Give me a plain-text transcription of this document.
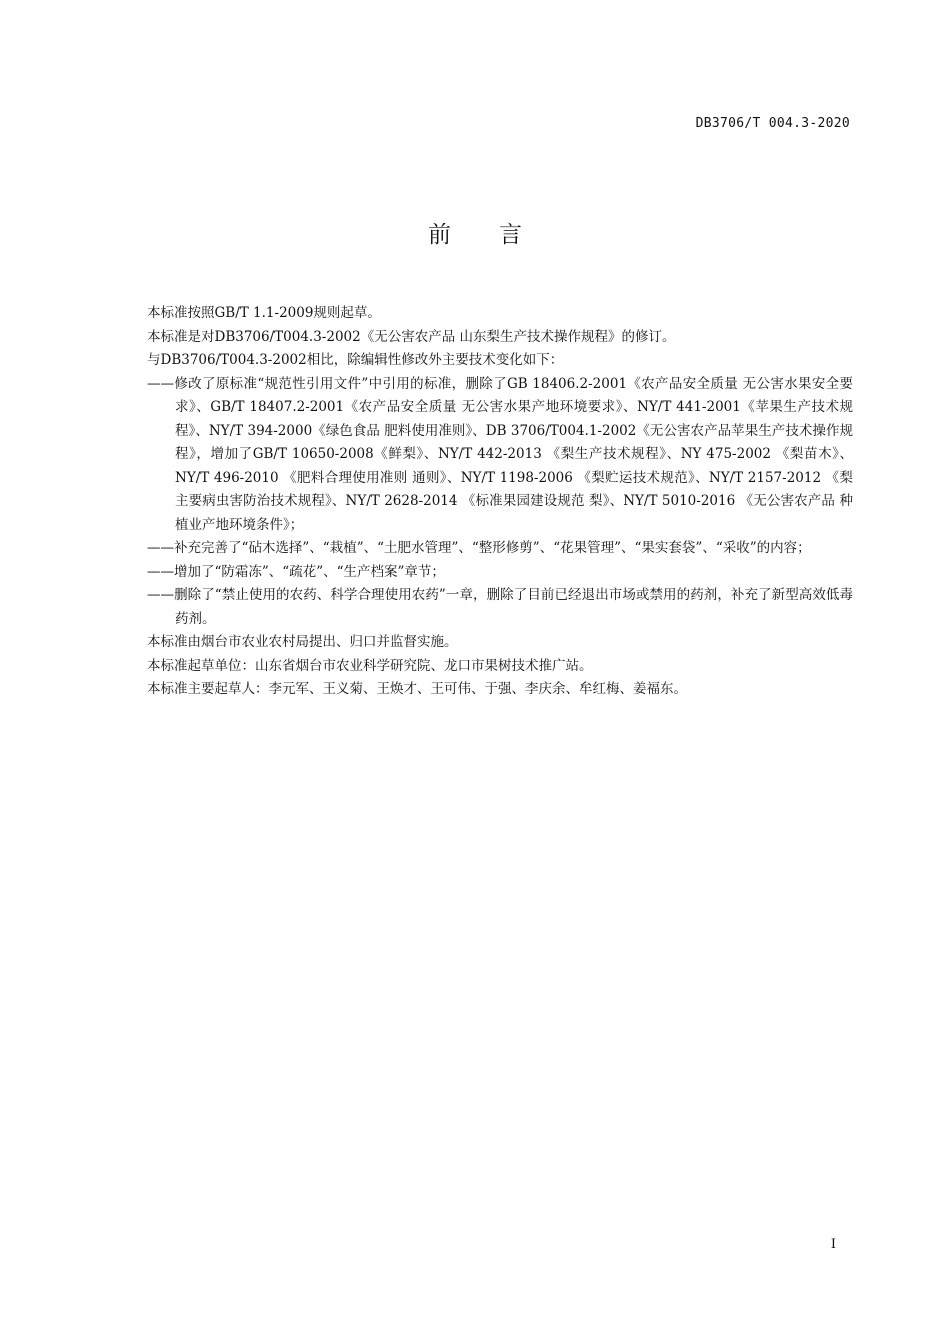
DB3706/T 004.3-2020
前言

本标准按照GB/T 1.1-2009规则起草。

本标准是对DB3706/T004.3-2002《无公害农产品 山东梨生产技术操作规程》的修订。

与DB3706/T004.3-2002相比，除编辑性修改外主要技术变化如下：

——修改了原标准“规范性引用文件”中引用的标准，删除了GB 18406.2-2001《农产品安全质量 无公害水果安全要求》、GB/T 18407.2-2001《农产品安全质量 无公害水果产地环境要求》、NY/T 441-2001《苹果生产技术规程》、NY/T 394-2000《绿色食品 肥料使用准则》、DB 3706/T004.1-2002《无公害农产品苹果生产技术操作规程》，增加了GB/T 10650-2008《鲜梨》、NY/T 442-2013 《梨生产技术规程》、NY 475-2002 《梨苗木》、NY/T 496-2010 《肥料合理使用准则 通则》、NY/T 1198-2006 《梨贮运技术规范》、NY/T 2157-2012 《梨主要病虫害防治技术规程》、NY/T 2628-2014 《标准果园建设规范 梨》、NY/T 5010-2016 《无公害农产品 种植业产地环境条件》；

——补充完善了“砧木选择”、“栽植”、“土肥水管理”、“整形修剪”、“花果管理”、“果实套袋”、“采收”的内容；

——增加了“防霜冻”、“疏花”、“生产档案”章节；

——删除了“禁止使用的农药、科学合理使用农药”一章，删除了目前已经退出市场或禁用的药剂，补充了新型高效低毒药剂。

本标准由烟台市农业农村局提出、归口并监督实施。

本标准起草单位：山东省烟台市农业科学研究院、龙口市果树技术推广站。

本标准主要起草人：李元军、王义菊、王焕才、王可伟、于强、李庆余、牟红梅、姜福东。

I
